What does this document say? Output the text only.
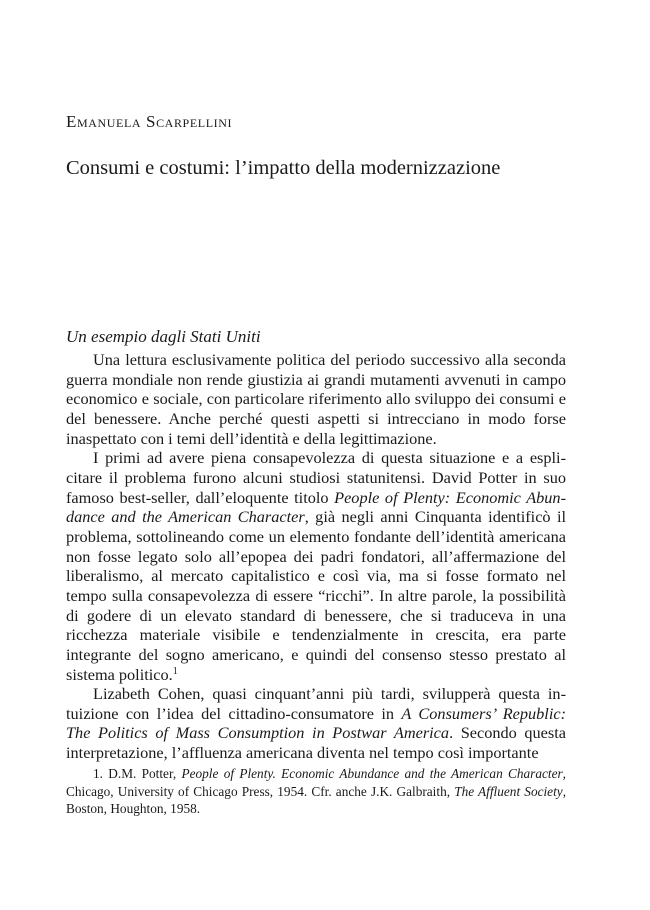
Emanuela Scarpellini
Consumi e costumi: l’impatto della modernizzazione
Un esempio dagli Stati Uniti

Una lettura esclusivamente politica del periodo successivo alla seconda guerra mondiale non rende giustizia ai grandi mutamenti avvenuti in campo economico e sociale, con particolare riferimento allo sviluppo dei consumi e del benessere. Anche perché questi aspetti si intrecciano in modo forse inaspettato con i temi dell’identità e della legittimazione.

I primi ad avere piena consapevolezza di questa situazione e a esplicitare il problema furono alcuni studiosi statunitensi. David Potter in suo famoso best-seller, dall’eloquente titolo People of Plenty: Economic Abundance and the American Character, già negli anni Cinquanta identificò il problema, sottolineando come un elemento fondante dell’identità americana non fosse legato solo all’epopea dei padri fondatori, all’affermazione del liberalismo, al mercato capitalistico e così via, ma si fosse formato nel tempo sulla consapevolezza di essere “ricchi”. In altre parole, la possibilità di godere di un elevato standard di benessere, che si traduceva in una ricchezza materiale visibile e tendenzialmente in crescita, era parte integrante del sogno americano, e quindi del consenso stesso prestato al sistema politico.$^1$

Lizabeth Cohen, quasi cinquant’anni più tardi, svilupperà questa intuizione con l’idea del cittadino-consumatore in A Consumers’ Republic: The Politics of Mass Consumption in Postwar America. Secondo questa interpretazione, l’affluenza americana diventa nel tempo così importante

1. D.M. Potter, People of Plenty. Economic Abundance and the American Character, Chicago, University of Chicago Press, 1954. Cfr. anche J.K. Galbraith, The Affluent Society, Boston, Houghton, 1958.
